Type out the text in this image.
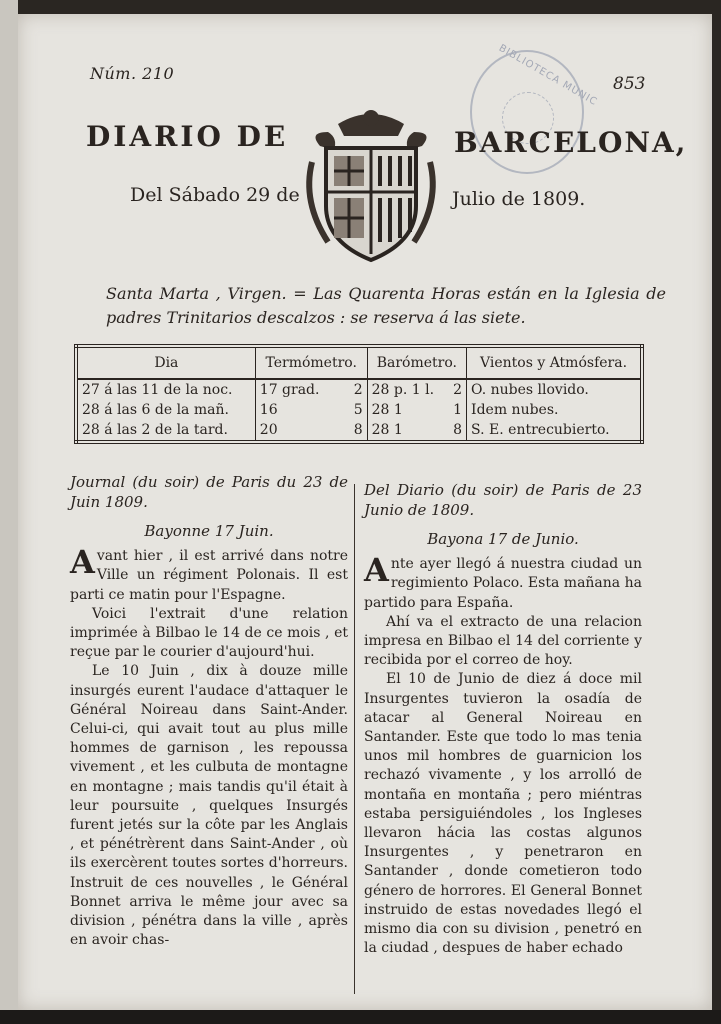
Núm. 210
853
BIBLIOTECA MUNIC
DIARIO DE	BARCELONA,
Del Sábado 29 de	Julio de 1809.
Santa Marta , Virgen. = Las Quarenta Horas están en la Iglesia de padres Trinitarios descalzos : se reserva á las siete.
Dia	Termómetro.		Barómetro.		Vientos y Atmósfera.
27 á las 11 de la noc.	17 grad.	2	28 p. 1 l.	2	O. nubes llovido.
28 á las 6 de la mañ.	16	5	28 1	1	Idem nubes.
28 á las 2 de la tard.	20	8	28 1	8	S. E. entrecubierto.
Journal (du soir) de Paris du 23 de Juin 1809.
Bayonne 17 Juin.

Avant hier , il est arrivé dans notre Ville un régiment Polonais. Il est parti ce matin pour l'Espagne.

Voici l'extrait d'une relation imprimée à Bilbao le 14 de ce mois , et reçue par le courier d'aujourd'hui.

Le 10 Juin , dix à douze mille insurgés eurent l'audace d'attaquer le Général Noireau dans Saint-Ander. Celui-ci, qui avait tout au plus mille hommes de garnison , les repoussa vivement , et les culbuta de montagne en montagne ; mais tandis qu'il était à leur poursuite , quelques Insurgés furent jetés sur la côte par les Anglais , et pénétrèrent dans Saint-Ander , où ils exercèrent toutes sortes d'horreurs. Instruit de ces nouvelles , le Général Bonnet arriva le même jour avec sa division , pénétra dans la ville , après en avoir chas-

Del Diario (du soir) de Paris de 23 Junio de 1809.
Bayona 17 de Junio.

Ante ayer llegó á nuestra ciudad un regimiento Polaco. Esta mañana ha partido para España.

Ahí va el extracto de una relacion impresa en Bilbao el 14 del corriente y recibida por el correo de hoy.

El 10 de Junio de diez á doce mil Insurgentes tuvieron la osadía de atacar al General Noireau en Santander. Este que todo lo mas tenia unos mil hombres de guarnicion los rechazó vivamente , y los arrolló de montaña en montaña ; pero miéntras estaba persiguiéndoles , los Ingleses llevaron hácia las costas algunos Insurgentes , y penetraron en Santander , donde cometieron todo género de horrores. El General Bonnet instruido de estas novedades llegó el mismo dia con su division , penetró en la ciudad , despues de haber echado
